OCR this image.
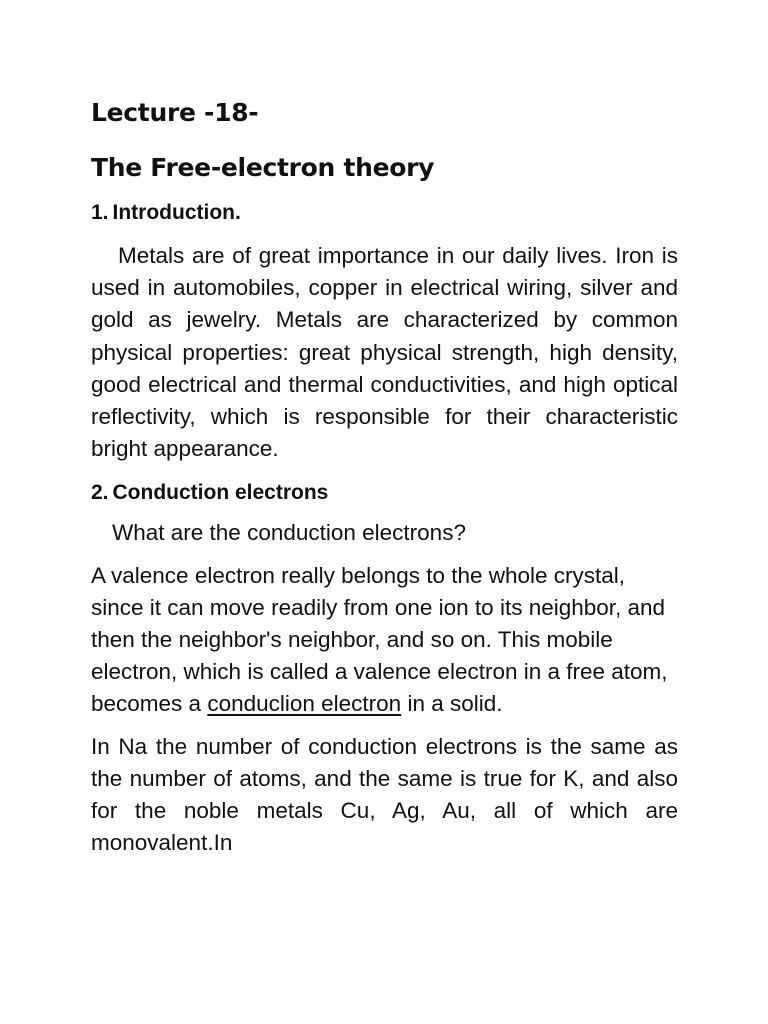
Lecture -18-
The Free-electron theory
1. Introduction.

Metals are of great importance in our daily lives. Iron is used in automobiles, copper in electrical wiring, silver and gold as jewelry. Metals are characterized by common physical properties: great physical strength, high density, good electrical and thermal conductivities, and high optical reflectivity, which is responsible for their characteristic bright appearance.

2. Conduction electrons

What are the conduction electrons?

A valence electron really belongs to the whole crystal, since it can move readily from one ion to its neighbor, and then the neighbor's neighbor, and so on. This mobile electron, which is called a valence electron in a free atom, becomes a conduclion electron in a solid.

In Na the number of conduction electrons is the same as the number of atoms, and the same is true for K, and also for the noble metals Cu, Ag, Au, all of which are monovalent.In
